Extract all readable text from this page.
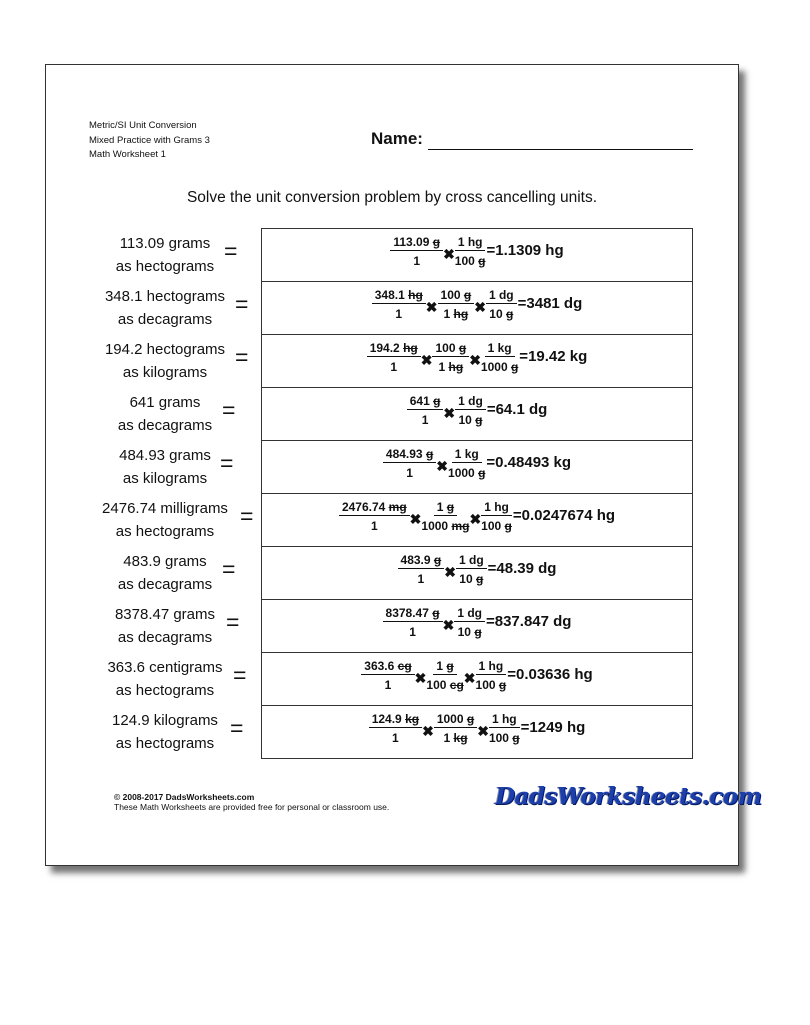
Metric/SI Unit Conversion
Mixed Practice with Grams 3
Math Worksheet 1
Name:
Solve the unit conversion problem by cross cancelling units.
113.09 grams
as hectograms
=	$\frac{113.09 g}{1}$ ✖ $\frac{1 hg}{100 g} = 1.1309$ hg
348.1 hectograms
as decagrams
=	$\frac{348.1 hg}{1}$ ✖ $\frac{100 g}{1 hg}$ ✖ $\frac{1 dg}{10 g} = 3481$ dg
194.2 hectograms
as kilograms
=	$\frac{194.2 hg}{1}$ ✖ $\frac{100 g}{1 hg}$ ✖ $\frac{1 kg}{1000 g} = 19.42$ kg
641 grams
as decagrams
=	$\frac{641 g}{1}$ ✖ $\frac{1 dg}{10 g} = 64.1$ dg
484.93 grams
as kilograms
=	$\frac{484.93 g}{1}$ ✖ $\frac{1 kg}{1000 g} = 0.48493$ kg
2476.74 milligrams
as hectograms
=	$\frac{2476.74 mg}{1}$ ✖ $\frac{1 g}{1000 mg}$ ✖ $\frac{1 hg}{100 g} = 0.0247674$ hg
483.9 grams
as decagrams
=	$\frac{483.9 g}{1}$ ✖ $\frac{1 dg}{10 g} = 48.39$ dg
8378.47 grams
as decagrams
=	$\frac{8378.47 g}{1}$ ✖ $\frac{1 dg}{10 g} = 837.847$ dg
363.6 centigrams
as hectograms
=	$\frac{363.6 cg}{1}$ ✖ $\frac{1 g}{100 cg}$ ✖ $\frac{1 hg}{100 g} = 0.03636$ hg
124.9 kilograms
as hectograms
=	$\frac{124.9 kg}{1}$ ✖ $\frac{1000 g}{1 kg}$ ✖ $\frac{1 hg}{100 g} = 1249$ hg
© 2008-2017 DadsWorksheets.com
These Math Worksheets are provided free for personal or classroom use.	DadsWorksheets.com
